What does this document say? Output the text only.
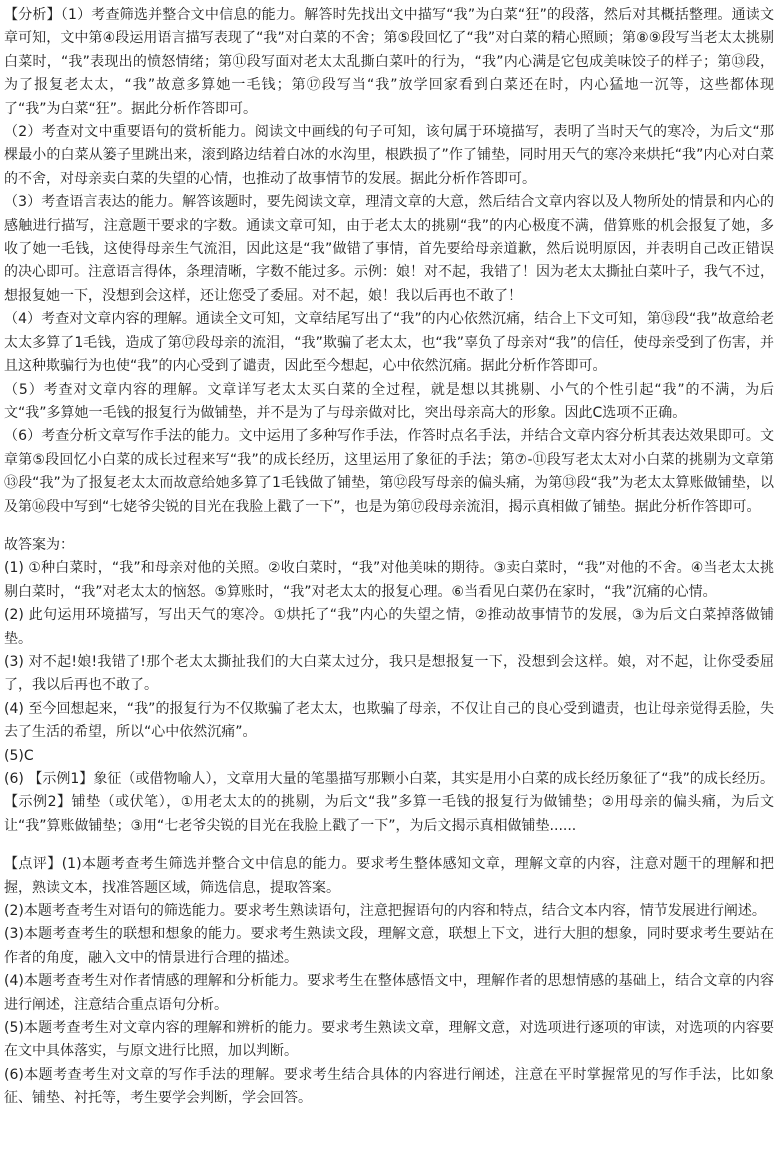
【分析】（1）考查筛选并整合文中信息的能力。解答时先找出文中描写“我”为白菜“狂”的段落，然后对其概括整理。通读文章可知，文中第④段运用语言描写表现了“我”对白菜的不舍；第⑤段回忆了“我”对白菜的精心照顾；第⑧⑨段写当老太太挑剔白菜时，“我”表现出的愤怒情绪；第⑪段写面对老太太乱撕白菜叶的行为，“我”内心满是它包成美味饺子的样子；第⑬段，为了报复老太太，“我”故意多算她一毛钱；第⑰段写当“我”放学回家看到白菜还在时，内心猛地一沉等，这些都体现了“我”为白菜“狂”。据此分析作答即可。

（2）考查对文中重要语句的赏析能力。阅读文中画线的句子可知，该句属于环境描写，表明了当时天气的寒冷，为后文“那棵最小的白菜从篓子里跳出来，滚到路边结着白冰的水沟里，根跌损了”作了铺垫，同时用天气的寒冷来烘托“我”内心对白菜的不舍，对母亲卖白菜的失望的心情，也推动了故事情节的发展。据此分析作答即可。

（3）考查语言表达的能力。解答该题时，要先阅读文章，理清文章的大意，然后结合文章内容以及人物所处的情景和内心的感触进行描写，注意题干要求的字数。通读文章可知，由于老太太的挑剔“我”的内心极度不满，借算账的机会报复了她，多收了她一毛钱，这使得母亲生气流泪，因此这是“我”做错了事情，首先要给母亲道歉，然后说明原因，并表明自己改正错误的决心即可。注意语言得体，条理清晰，字数不能过多。示例：娘！对不起，我错了！因为老太太撕扯白菜叶子，我气不过，想报复她一下，没想到会这样，还让您受了委屈。对不起，娘！我以后再也不敢了！

（4）考查对文章内容的理解。通读全文可知，文章结尾写出了“我”的内心依然沉痛，结合上下文可知，第⑬段“我”故意给老太太多算了1毛钱，造成了第⑰段母亲的流泪，“我”欺骗了老太太，也“我”辜负了母亲对“我”的信任，使母亲受到了伤害，并且这种欺骗行为也使“我”的内心受到了谴责，因此至今想起，心中依然沉痛。据此分析作答即可。

（5）考查对文章内容的理解。文章详写老太太买白菜的全过程，就是想以其挑剔、小气的个性引起“我”的不满，为后文“我”多算她一毛钱的报复行为做铺垫，并不是为了与母亲做对比，突出母亲高大的形象。因此C选项不正确。

（6）考查分析文章写作手法的能力。文中运用了多种写作手法，作答时点名手法，并结合文章内容分析其表达效果即可。文章第⑤段回忆小白菜的成长过程来写“我”的成长经历，这里运用了象征的手法；第⑦-⑪段写老太太对小白菜的挑剔为文章第⑬段“我”为了报复老太太而故意给她多算了1毛钱做了铺垫，第⑫段写母亲的偏头痛，为第⑬段“我”为老太太算账做铺垫，以及第⑯段中写到“七姥爷尖锐的目光在我脸上戳了一下”，也是为第⑰段母亲流泪，揭示真相做了铺垫。据此分析作答即可。

故答案为：

(1) ①种白菜时，“我”和母亲对他的关照。②收白菜时，“我”对他美味的期待。③卖白菜时，“我”对他的不舍。④当老太太挑剔白菜时，“我”对老太太的恼怒。⑤算账时，“我”对老太太的报复心理。⑥当看见白菜仍在家时，“我”沉痛的心情。

(2) 此句运用环境描写，写出天气的寒冷。①烘托了“我”内心的失望之情，②推动故事情节的发展，③为后文白菜掉落做铺垫。

(3) 对不起!娘!我错了!那个老太太撕扯我们的大白菜太过分，我只是想报复一下，没想到会这样。娘，对不起，让你受委屈了，我以后再也不敢了。

(4) 至今回想起来，“我”的报复行为不仅欺骗了老太太，也欺骗了母亲，不仅让自己的良心受到谴责，也让母亲觉得丢脸，失去了生活的希望，所以“心中依然沉痛”。

(5)C

(6) 【示例1】象征（或借物喻人），文章用大量的笔墨描写那颗小白菜，其实是用小白菜的成长经历象征了“我”的成长经历。【示例2】铺垫（或伏笔），①用老太太的的挑剔，为后文“我”多算一毛钱的报复行为做铺垫；②用母亲的偏头痛，为后文让“我”算账做铺垫；③用“七老爷尖锐的目光在我脸上戳了一下”，为后文揭示真相做铺垫......

【点评】(1)本题考查考生筛选并整合文中信息的能力。要求考生整体感知文章，理解文章的内容，注意对题干的理解和把握，熟读文本，找准答题区域，筛选信息，提取答案。

(2)本题考查考生对语句的筛选能力。要求考生熟读语句，注意把握语句的内容和特点，结合文本内容，情节发展进行阐述。

(3)本题考查考生的联想和想象的能力。要求考生熟读文段，理解文意，联想上下文，进行大胆的想象，同时要求考生要站在作者的角度，融入文中的情景进行合理的描述。

(4)本题考查考生对作者情感的理解和分析能力。要求考生在整体感悟文中，理解作者的思想情感的基础上，结合文章的内容进行阐述，注意结合重点语句分析。

(5)本题考查考生对文章内容的理解和辨析的能力。要求考生熟读文章，理解文意，对选项进行逐项的审读，对选项的内容要在文中具体落实，与原文进行比照，加以判断。

(6)本题考查考生对文章的写作手法的理解。要求考生结合具体的内容进行阐述，注意在平时掌握常见的写作手法，比如象征、铺垫、衬托等，考生要学会判断，学会回答。
